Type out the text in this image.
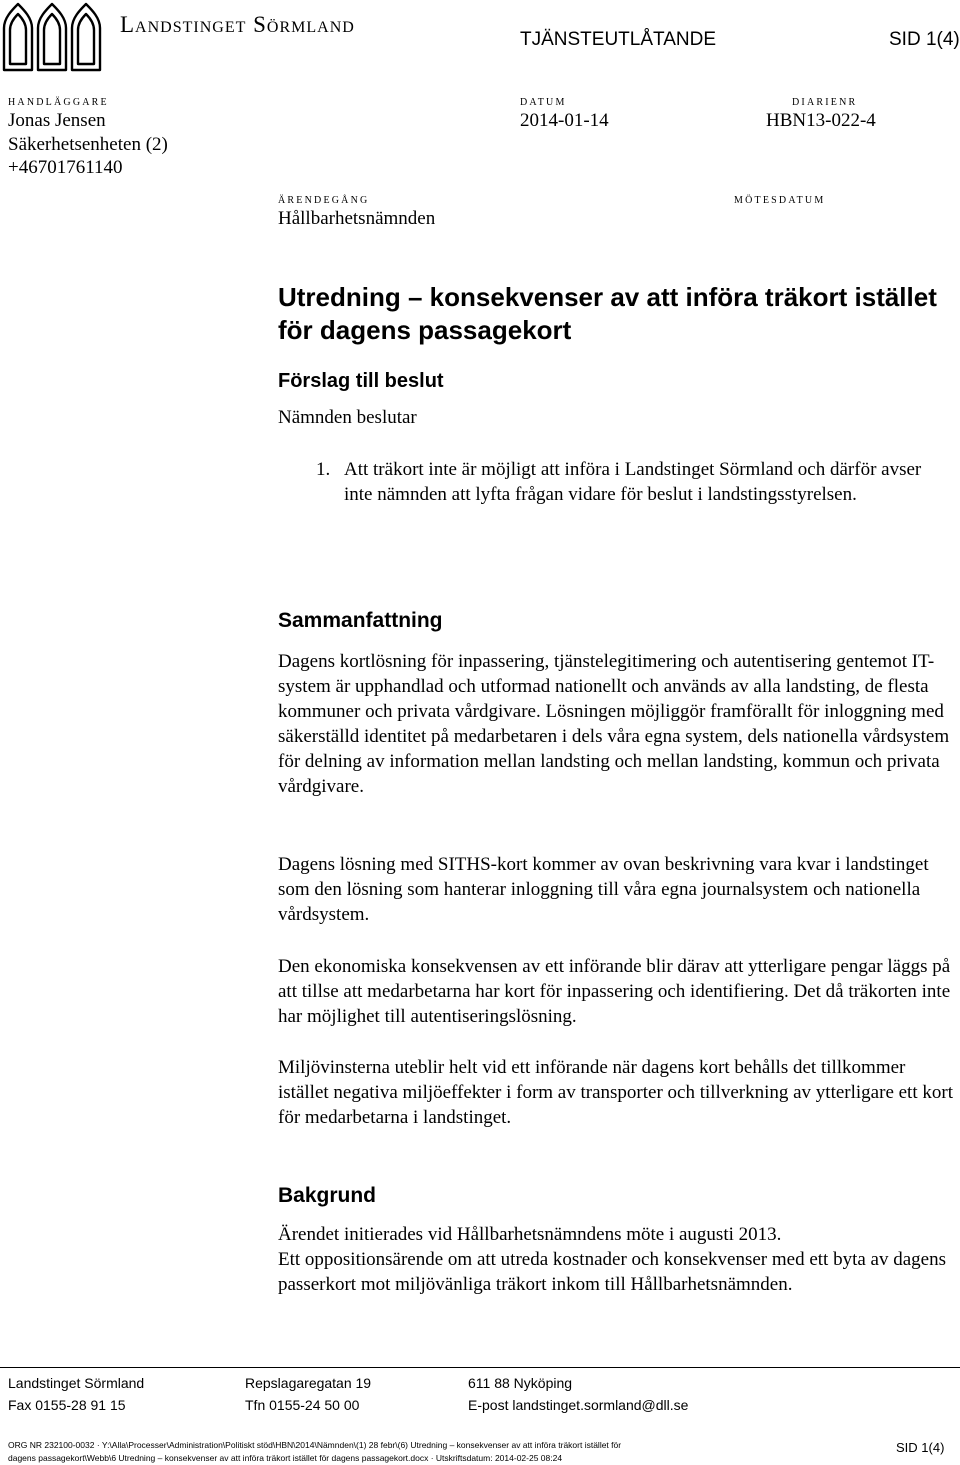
Landstinget Sörmland
TJÄNSTEUTLÅTANDE	SID 1(4)
HANDLÄGGARE
Jonas Jensen
Säkerhetsenheten (2)
+46701761140
DATUM
2014-01-14
DIARIENR
HBN13-022-4
ÄRENDEGÅNG
Hållbarhetsnämnden
MÖTESDATUM
Utredning – konsekvenser av att införa träkort istället
för dagens passagekort
Förslag till beslut
Nämnden beslutar
1. Att träkort inte är möjligt att införa i Landstinget Sörmland och därför avser inte nämnden att lyfta frågan vidare för beslut i landstingsstyrelsen.
Sammanfattning

Dagens kortlösning för inpassering, tjänstelegitimering och autentisering gentemot IT-system är upphandlad och utformad nationellt och används av alla landsting, de flesta kommuner och privata vårdgivare. Lösningen möjliggör framförallt för inloggning med säkerställd identitet på medarbetaren i dels våra egna system, dels nationella vårdsystem för delning av information mellan landsting och mellan landsting, kommun och privata vårdgivare.

Dagens lösning med SITHS-kort kommer av ovan beskrivning vara kvar i landstinget som den lösning som hanterar inloggning till våra egna journalsystem och nationella vårdsystem.

Den ekonomiska konsekvensen av ett införande blir därav att ytterligare pengar läggs på att tillse att medarbetarna har kort för inpassering och identifiering. Det då träkorten inte har möjlighet till autentiseringslösning.

Miljövinsterna uteblir helt vid ett införande när dagens kort behålls det tillkommer istället negativa miljöeffekter i form av transporter och tillverkning av ytterligare ett kort för medarbetarna i landstinget.

Bakgrund

Ärendet initierades vid Hållbarhetsnämndens möte i augusti 2013.

Ett oppositionsärende om att utreda kostnader och konsekvenser med ett byta av dagens passerkort mot miljövänliga träkort inkom till Hållbarhetsnämnden.

Landstinget Sörmland	Repslagaregatan 19	611 88 Nyköping
Fax 0155-28 91 15	Tfn 0155-24 50 00	E-post landstinget.sormland@dll.se
ORG NR 232100-0032 · Y:\Alla\Processer\Administration\Politiskt stöd\HBN\2014\Nämnden\(1) 28 febr\(6) Utredning – konsekvenser av att införa träkort istället för
dagens passagekort\Webb\6 Utredning – konsekvenser av att införa träkort istället för dagens passagekort.docx · Utskriftsdatum: 2014-02-25 08:24
SID 1(4)
